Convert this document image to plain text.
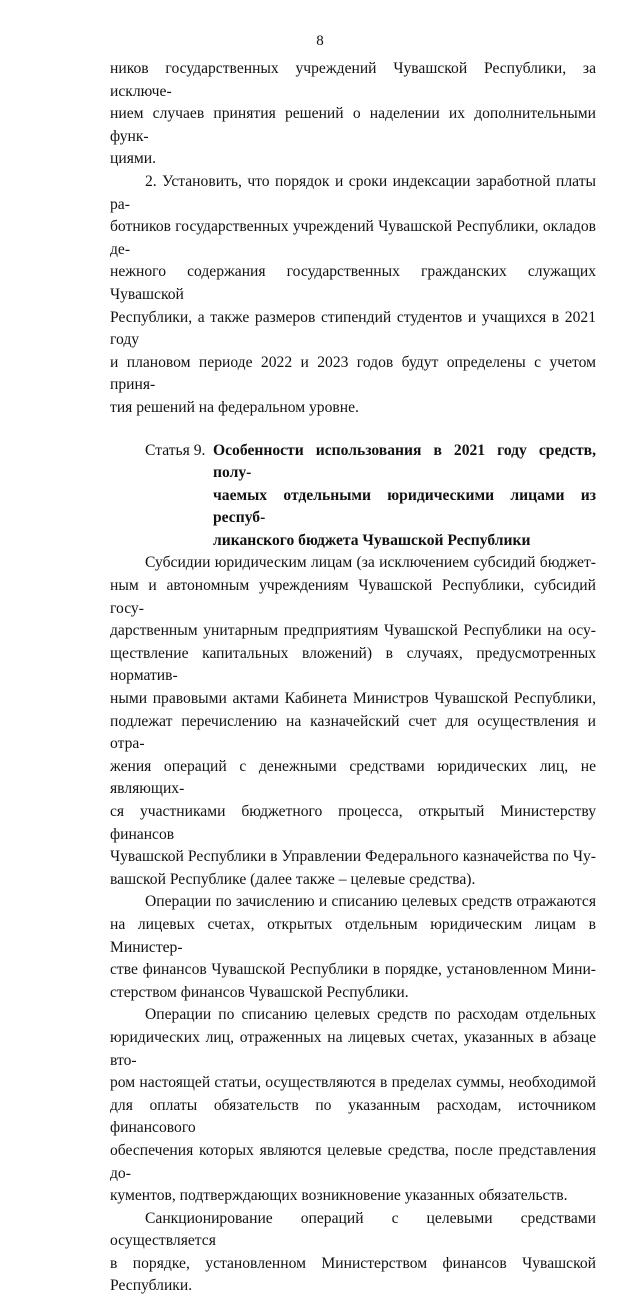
8

ников государственных учреждений Чувашской Республики, за исключе-

нием случаев принятия решений о наделении их дополнительными функ-

циями.

2. Установить, что порядок и сроки индексации заработной платы ра-

ботников государственных учреждений Чувашской Республики, окладов де-

нежного содержания государственных гражданских служащих Чувашской

Республики, а также размеров стипендий студентов и учащихся в 2021 году

и плановом периоде 2022 и 2023 годов будут определены с учетом приня-

тия решений на федеральном уровне.

Статья 9. Особенности использования в 2021 году средств, полу-
чаемых отдельными юридическими лицами из респуб-
ликанского бюджета Чувашской Республики

Субсидии юридическим лицам (за исключением субсидий бюджет-

ным и автономным учреждениям Чувашской Республики, субсидий госу-

дарственным унитарным предприятиям Чувашской Республики на осу-

ществление капитальных вложений) в случаях, предусмотренных норматив-

ными правовыми актами Кабинета Министров Чувашской Республики,

подлежат перечислению на казначейский счет для осуществления и отра-

жения операций с денежными средствами юридических лиц, не являющих-

ся участниками бюджетного процесса, открытый Министерству финансов

Чувашской Республики в Управлении Федерального казначейства по Чу-

вашской Республике (далее также – целевые средства).

Операции по зачислению и списанию целевых средств отражаются

на лицевых счетах, открытых отдельным юридическим лицам в Министер-

стве финансов Чувашской Республики в порядке, установленном Мини-

стерством финансов Чувашской Республики.

Операции по списанию целевых средств по расходам отдельных

юридических лиц, отраженных на лицевых счетах, указанных в абзаце вто-

ром настоящей статьи, осуществляются в пределах суммы, необходимой

для оплаты обязательств по указанным расходам, источником финансового

обеспечения которых являются целевые средства, после представления до-

кументов, подтверждающих возникновение указанных обязательств.

Санкционирование операций с целевыми средствами осуществляется

в порядке, установленном Министерством финансов Чувашской Республики.
